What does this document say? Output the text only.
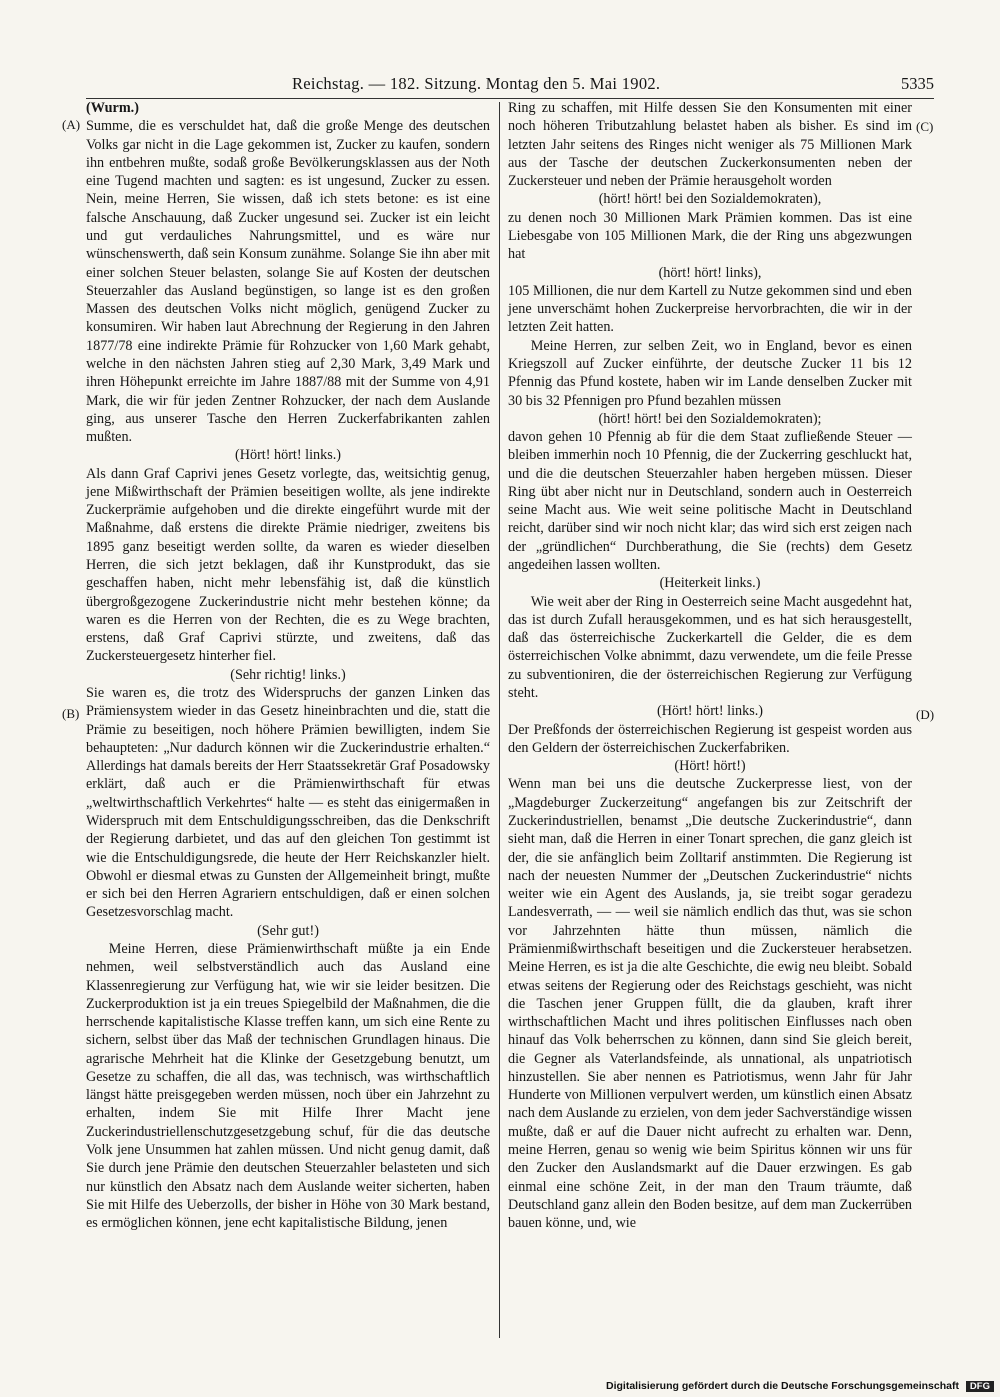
Reichstag. — 182. Sitzung. Montag den 5. Mai 1902.	5335
(A)
(B)
(C)
(D)

(Wurm.)

Summe, die es verschuldet hat, daß die große Menge des deutschen Volks gar nicht in die Lage gekommen ist, Zucker zu kaufen, sondern ihn entbehren mußte, sodaß große Bevölkerungsklassen aus der Noth eine Tugend machten und sagten: es ist ungesund, Zucker zu essen. Nein, meine Herren, Sie wissen, daß ich stets betone: es ist eine falsche Anschauung, daß Zucker ungesund sei. Zucker ist ein leicht und gut verdauliches Nahrungsmittel, und es wäre nur wünschenswerth, daß sein Konsum zunähme. Solange Sie ihn aber mit einer solchen Steuer belasten, solange Sie auf Kosten der deutschen Steuerzahler das Ausland begünstigen, so lange ist es den großen Massen des deutschen Volks nicht möglich, genügend Zucker zu konsumiren. Wir haben laut Abrechnung der Regierung in den Jahren 1877/78 eine indirekte Prämie für Rohzucker von 1,60 Mark gehabt, welche in den nächsten Jahren stieg auf 2,30 Mark, 3,49 Mark und ihren Höhepunkt erreichte im Jahre 1887/88 mit der Summe von 4,91 Mark, die wir für jeden Zentner Rohzucker, der nach dem Auslande ging, aus unserer Tasche den Herren Zuckerfabrikanten zahlen mußten.

(Hört! hört! links.)

Als dann Graf Caprivi jenes Gesetz vorlegte, das, weitsichtig genug, jene Mißwirthschaft der Prämien beseitigen wollte, als jene indirekte Zuckerprämie aufgehoben und die direkte eingeführt wurde mit der Maßnahme, daß erstens die direkte Prämie niedriger, zweitens bis 1895 ganz beseitigt werden sollte, da waren es wieder dieselben Herren, die sich jetzt beklagen, daß ihr Kunstprodukt, das sie geschaffen haben, nicht mehr lebensfähig ist, daß die künstlich übergroßgezogene Zuckerindustrie nicht mehr bestehen könne; da waren es die Herren von der Rechten, die es zu Wege brachten, erstens, daß Graf Caprivi stürzte, und zweitens, daß das Zuckersteuergesetz hinterher fiel.

(Sehr richtig! links.)

Sie waren es, die trotz des Widerspruchs der ganzen Linken das Prämiensystem wieder in das Gesetz hineinbrachten und die, statt die Prämie zu beseitigen, noch höhere Prämien bewilligten, indem Sie behaupteten: „Nur dadurch können wir die Zuckerindustrie erhalten.“ Allerdings hat damals bereits der Herr Staatssekretär Graf Posadowsky erklärt, daß auch er die Prämienwirthschaft für etwas „weltwirthschaftlich Verkehrtes“ halte — es steht das einigermaßen in Widerspruch mit dem Entschuldigungsschreiben, das die Denkschrift der Regierung darbietet, und das auf den gleichen Ton gestimmt ist wie die Entschuldigungsrede, die heute der Herr Reichskanzler hielt. Obwohl er diesmal etwas zu Gunsten der Allgemeinheit bringt, mußte er sich bei den Herren Agrariern entschuldigen, daß er einen solchen Gesetzesvorschlag macht.

(Sehr gut!)

Meine Herren, diese Prämienwirthschaft müßte ja ein Ende nehmen, weil selbstverständlich auch das Ausland eine Klassenregierung zur Verfügung hat, wie wir sie leider besitzen. Die Zuckerproduktion ist ja ein treues Spiegelbild der Maßnahmen, die die herrschende kapitalistische Klasse treffen kann, um sich eine Rente zu sichern, selbst über das Maß der technischen Grundlagen hinaus. Die agrarische Mehrheit hat die Klinke der Gesetzgebung benutzt, um Gesetze zu schaffen, die all das, was technisch, was wirthschaftlich längst hätte preisgegeben werden müssen, noch über ein Jahrzehnt zu erhalten, indem Sie mit Hilfe Ihrer Macht jene Zuckerindustriellenschutzgesetzgebung schuf, für die das deutsche Volk jene Unsummen hat zahlen müssen. Und nicht genug damit, daß Sie durch jene Prämie den deutschen Steuerzahler belasteten und sich nur künstlich den Absatz nach dem Auslande weiter sicherten, haben Sie mit Hilfe des Ueberzolls, der bisher in Höhe von 30 Mark bestand, es ermöglichen können, jene echt kapitalistische Bildung, jenen

Ring zu schaffen, mit Hilfe dessen Sie den Konsumenten mit einer noch höheren Tributzahlung belastet haben als bisher. Es sind im letzten Jahr seitens des Ringes nicht weniger als 75 Millionen Mark aus der Tasche der deutschen Zuckerkonsumenten neben der Zuckersteuer und neben der Prämie herausgeholt worden

(hört! hört! bei den Sozialdemokraten),

zu denen noch 30 Millionen Mark Prämien kommen. Das ist eine Liebesgabe von 105 Millionen Mark, die der Ring uns abgezwungen hat

(hört! hört! links),

105 Millionen, die nur dem Kartell zu Nutze gekommen sind und eben jene unverschämt hohen Zuckerpreise hervorbrachten, die wir in der letzten Zeit hatten.

Meine Herren, zur selben Zeit, wo in England, bevor es einen Kriegszoll auf Zucker einführte, der deutsche Zucker 11 bis 12 Pfennig das Pfund kostete, haben wir im Lande denselben Zucker mit 30 bis 32 Pfennigen pro Pfund bezahlen müssen

(hört! hört! bei den Sozialdemokraten);

davon gehen 10 Pfennig ab für die dem Staat zufließende Steuer — bleiben immerhin noch 10 Pfennig, die der Zuckerring geschluckt hat, und die die deutschen Steuerzahler haben hergeben müssen. Dieser Ring übt aber nicht nur in Deutschland, sondern auch in Oesterreich seine Macht aus. Wie weit seine politische Macht in Deutschland reicht, darüber sind wir noch nicht klar; das wird sich erst zeigen nach der „gründlichen“ Durchberathung, die Sie (rechts) dem Gesetz angedeihen lassen wollten.

(Heiterkeit links.)

Wie weit aber der Ring in Oesterreich seine Macht ausgedehnt hat, das ist durch Zufall herausgekommen, und es hat sich herausgestellt, daß das österreichische Zuckerkartell die Gelder, die es dem österreichischen Volke abnimmt, dazu verwendete, um die feile Presse zu subventioniren, die der österreichischen Regierung zur Verfügung steht.

(Hört! hört! links.)

Der Preßfonds der österreichischen Regierung ist gespeist worden aus den Geldern der österreichischen Zuckerfabriken.

(Hört! hört!)

Wenn man bei uns die deutsche Zuckerpresse liest, von der „Magdeburger Zuckerzeitung“ angefangen bis zur Zeitschrift der Zuckerindustriellen, benamst „Die deutsche Zuckerindustrie“, dann sieht man, daß die Herren in einer Tonart sprechen, die ganz gleich ist der, die sie anfänglich beim Zolltarif anstimmten. Die Regierung ist nach der neuesten Nummer der „Deutschen Zuckerindustrie“ nichts weiter wie ein Agent des Auslands, ja, sie treibt sogar geradezu Landesverrath, — — weil sie nämlich endlich das thut, was sie schon vor Jahrzehnten hätte thun müssen, nämlich die Prämienmißwirthschaft beseitigen und die Zuckersteuer herabsetzen. Meine Herren, es ist ja die alte Geschichte, die ewig neu bleibt. Sobald etwas seitens der Regierung oder des Reichstags geschieht, was nicht die Taschen jener Gruppen füllt, die da glauben, kraft ihrer wirthschaftlichen Macht und ihres politischen Einflusses nach oben hinauf das Volk beherrschen zu können, dann sind Sie gleich bereit, die Gegner als Vaterlandsfeinde, als unnational, als unpatriotisch hinzustellen. Sie aber nennen es Patriotismus, wenn Jahr für Jahr Hunderte von Millionen verpulvert werden, um künstlich einen Absatz nach dem Auslande zu erzielen, von dem jeder Sachverständige wissen mußte, daß er auf die Dauer nicht aufrecht zu erhalten war. Denn, meine Herren, genau so wenig wie beim Spiritus können wir uns für den Zucker den Auslandsmarkt auf die Dauer erzwingen. Es gab einmal eine schöne Zeit, in der man den Traum träumte, daß Deutschland ganz allein den Boden besitze, auf dem man Zuckerrüben bauen könne, und, wie

Digitalisierung gefördert durch die Deutsche Forschungsgemeinschaft DFG
